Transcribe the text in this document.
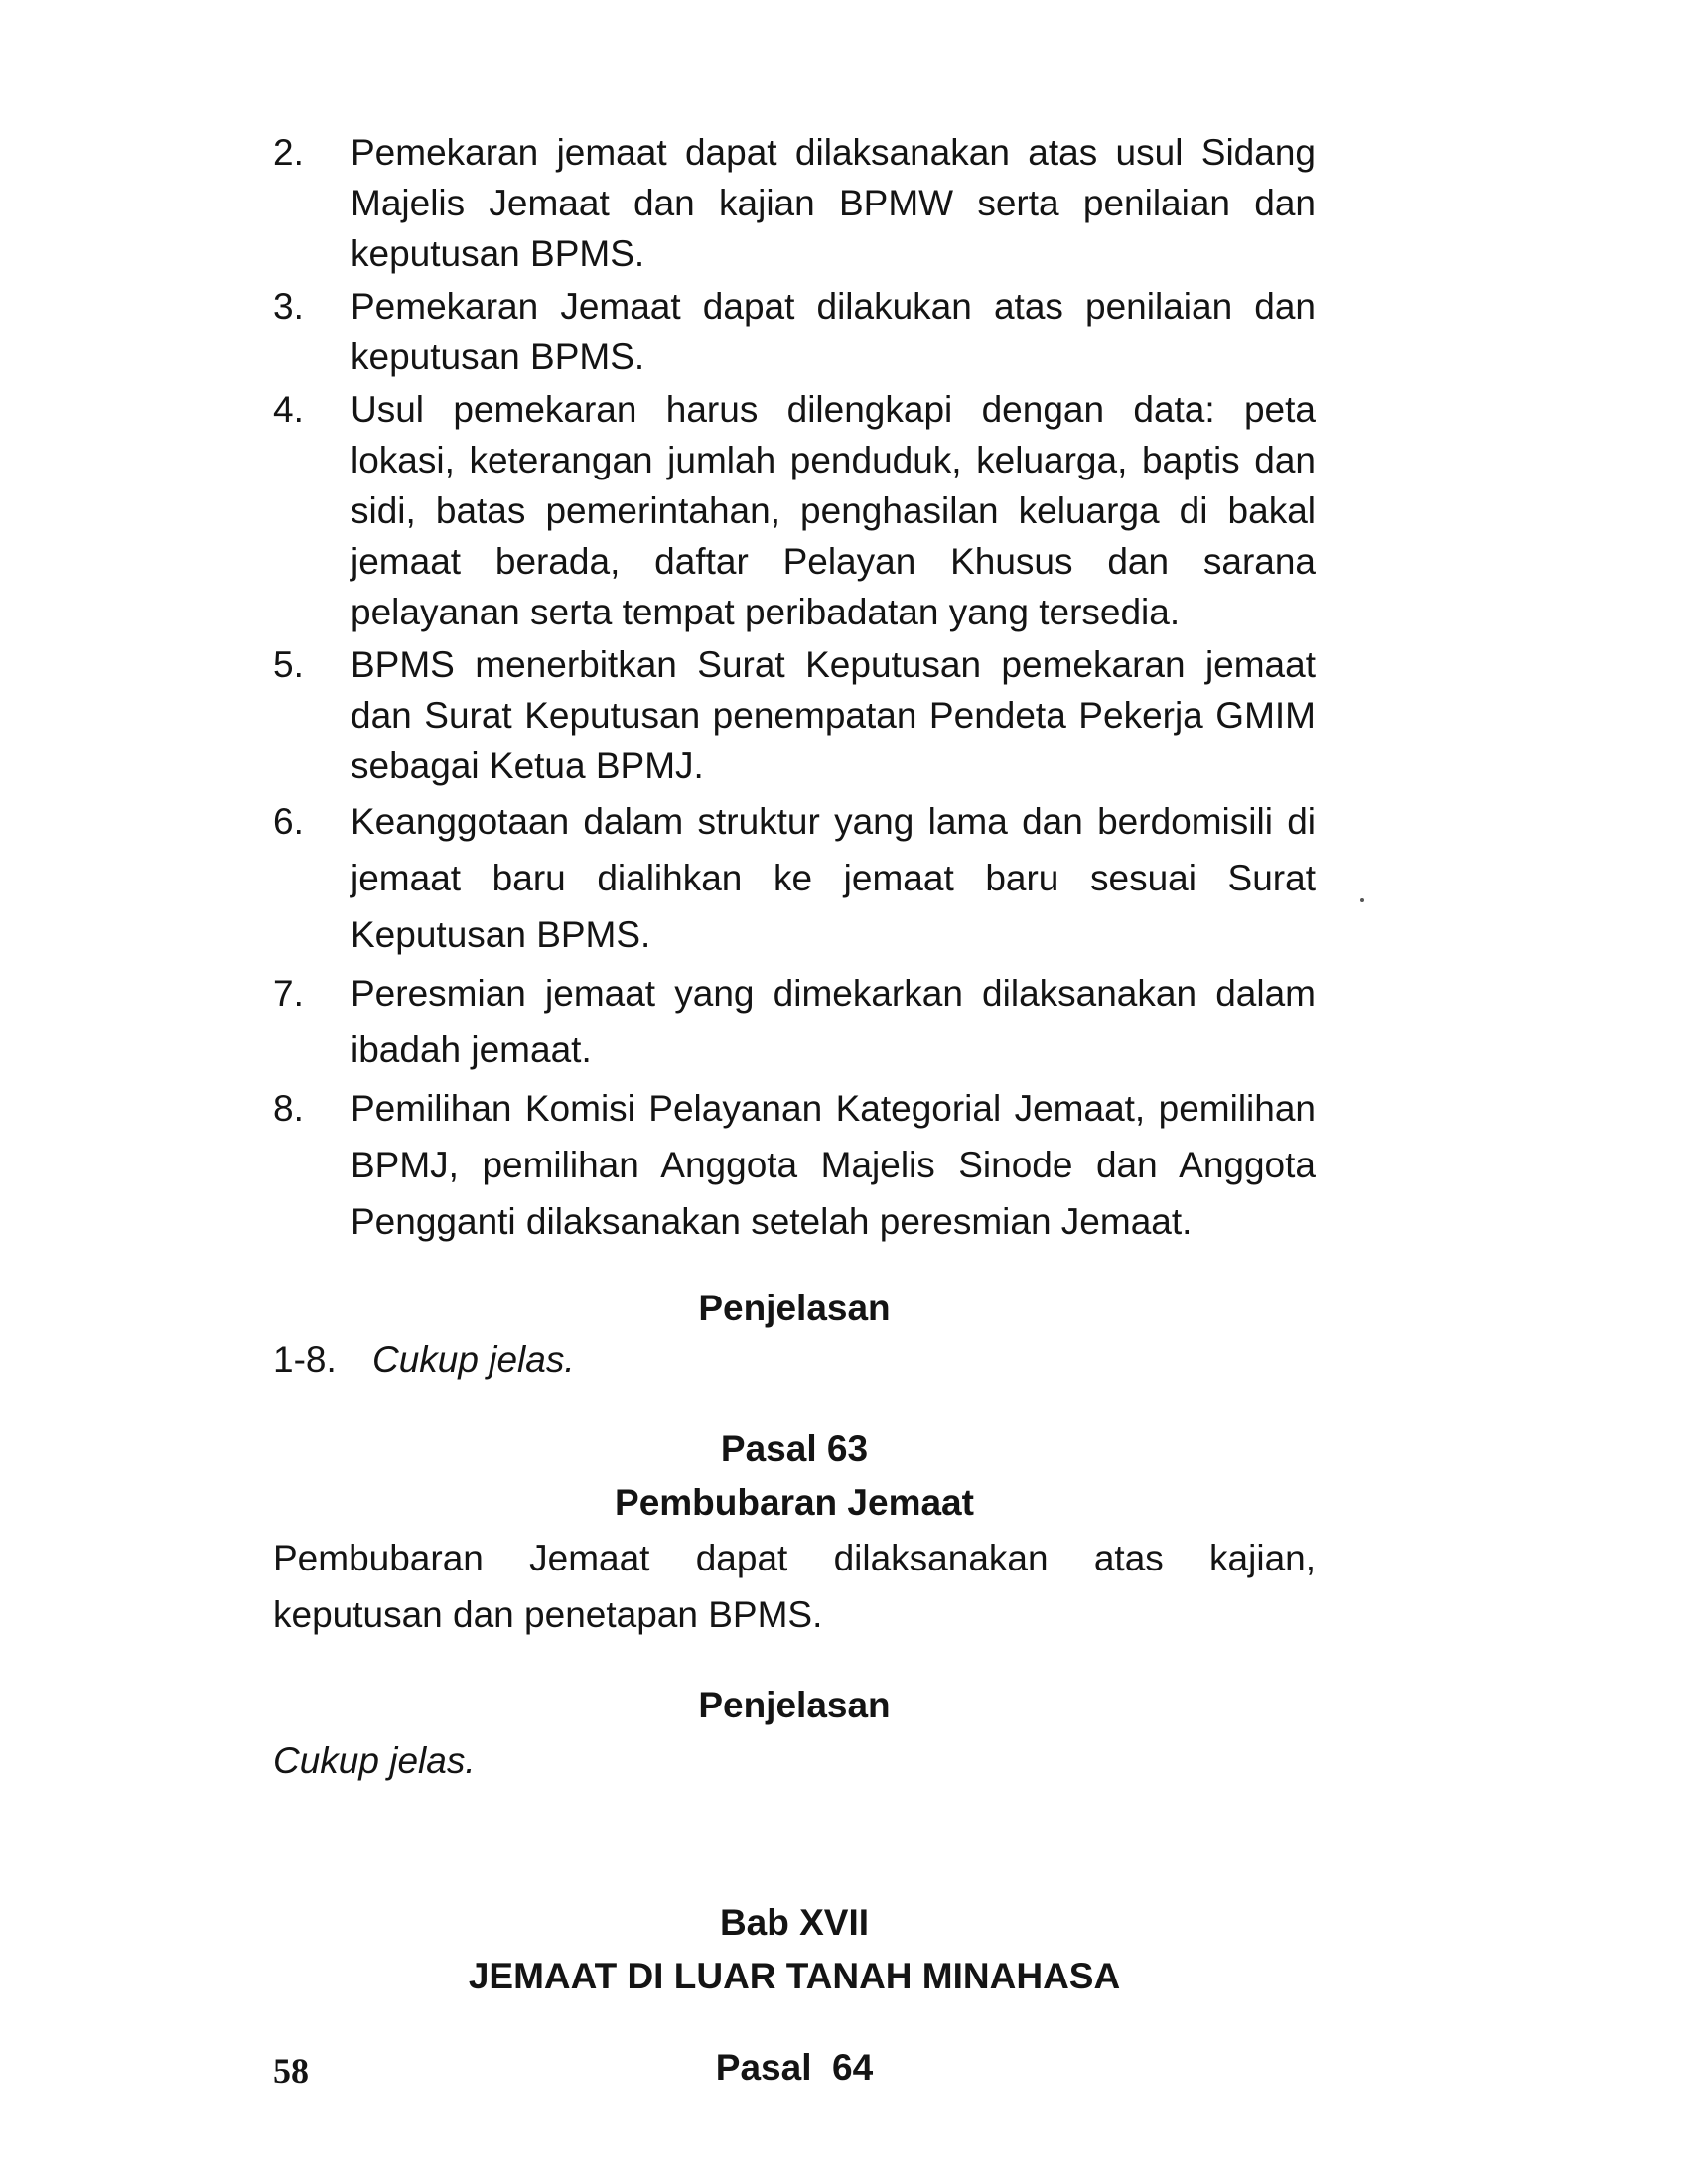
2.	Pemekaran jemaat dapat dilaksanakan atas usul Sidang Majelis Jemaat dan kajian BPMW serta penilaian dan keputusan BPMS.
3.	Pemekaran Jemaat dapat dilakukan atas penilaian dan keputusan BPMS.
4.	Usul pemekaran harus dilengkapi dengan data: peta lokasi, keterangan jumlah penduduk, keluarga, baptis dan sidi, batas pemerintahan, penghasilan keluarga di bakal jemaat berada, daftar Pelayan Khusus dan sarana pelayanan serta tempat peribadatan yang tersedia.
5.	BPMS menerbitkan Surat Keputusan pemekaran jemaat dan Surat Keputusan penempatan Pendeta Pekerja GMIM sebagai Ketua BPMJ.
6.	Keanggotaan dalam struktur yang lama dan berdomisili di jemaat baru dialihkan ke jemaat baru sesuai Surat Keputusan BPMS.
7.	Peresmian jemaat yang dimekarkan dilaksanakan dalam ibadah jemaat.
8.	Pemilihan Komisi Pelayanan Kategorial Jemaat, pemilihan BPMJ, pemilihan Anggota Majelis Sinode dan Anggota Pengganti dilaksanakan setelah peresmian Jemaat.
Penjelasan
1-8. Cukup jelas.
Pasal 63
Pembubaran Jemaat
Pembubaran Jemaat dapat dilaksanakan atas kajian, keputusan dan penetapan BPMS.
Penjelasan
Cukup jelas.
Bab XVII
JEMAAT DI LUAR TANAH MINAHASA
Pasal  64
58
